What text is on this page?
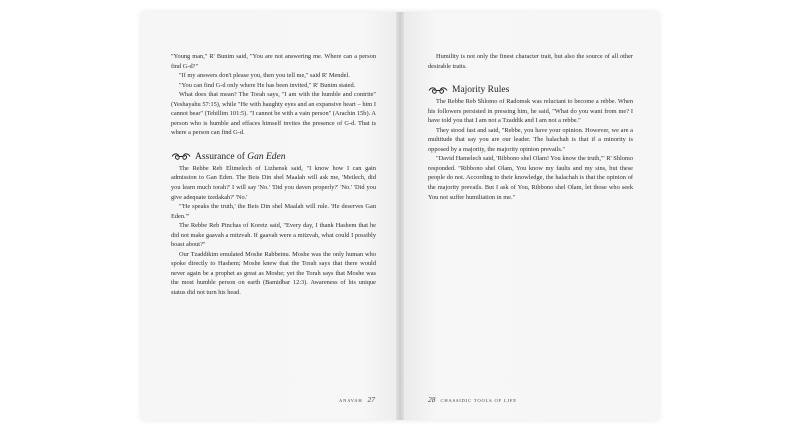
"Young man," R' Bunim said, "You are not answering me. Where can a person find G-d?"

"If my answers don't please you, then you tell me," said R' Mendel.

"You can find G-d only where He has been invited," R' Bunim stated.

What does that mean? The Torah says, "I am with the humble and contrite" (Yeshayahu 57:15), while "He with haughty eyes and an expansive heart – him I cannot bear" (Tehillim 101:5). "I cannot be with a vain person" (Arachin 15b). A person who is humble and effaces himself invites the presence of G-d. That is where a person can find G-d.

Assurance of Gan Eden

The Rebbe Reb Elimelech of Lizhensk said, "I know how I can gain admission to Gan Eden. The Beis Din shel Maalah will ask me, 'Meilech, did you learn much torah?' I will say 'No.' 'Did you daven properly?' 'No.' 'Did you give adequate tzedakah?' 'No.'

"'He speaks the truth,' the Beis Din shel Maalah will rule. 'He deserves Gan Eden.'"

The Rebbe Reb Pinchas of Koretz said, "Every day, I thank Hashem that he did not make gaavah a mitzvah. If gaavah were a mitzvah, what could I possibly boast about?"

Our Tzaddikim emulated Moshe Rabbeinu. Moshe was the only human who spoke directly to Hashem; Moshe knew that the Torah says that there would never again be a prophet as great as Moshe; yet the Torah says that Moshe was the most humble person on earth (Bamidbar 12:3). Awareness of his unique status did not turn his head.

ANAVAH 27

Humility is not only the finest character trait, but also the source of all other desirable traits.

Majority Rules

The Rebbe Reb Shlomo of Radomsk was reluctant to become a rebbe. When his followers persisted in pressing him, he said, "What do you want from me? I have told you that I am not a Tzaddik and I am not a rebbe."

They stood fast and said, "Rebbe, you have your opinion. However, we are a multitude that say you are our leader. The halachah is that if a minority is opposed by a majority, the majority opinion prevails."

"David Hamelech said, 'Ribbono shel Olam! You know the truth,'" R' Shlomo responded. "Ribbono shel Olam, You know my faults and my sins, but these people do not. According to their knowledge, the halachah is that the opinion of the majority prevails. But I ask of You, Ribbono shel Olam, let those who seek You not suffer humiliation in me."

28 CHASSIDIC TOOLS OF LIFE
